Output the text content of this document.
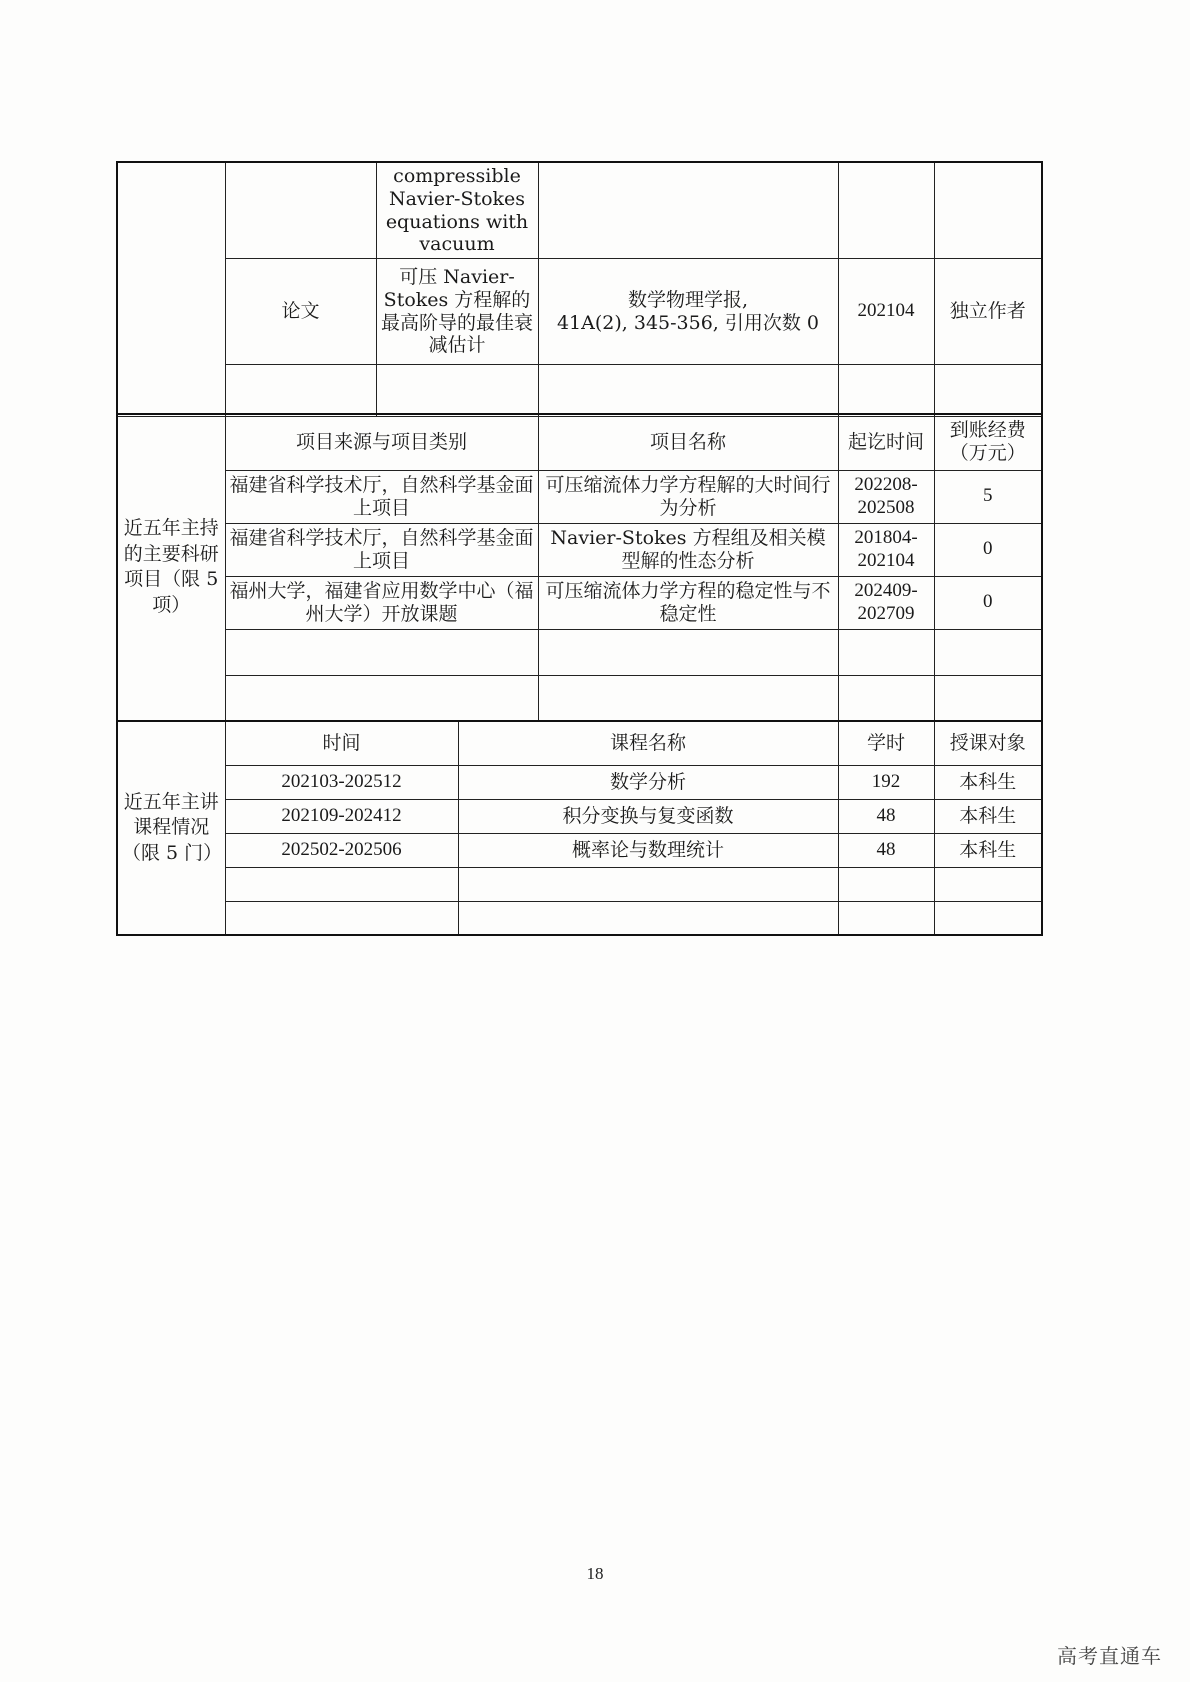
		compressible Navier-Stokes equations with vacuum			
	论文	可压 Navier-Stokes 方程解的最高阶导的最佳衰减估计	数学物理学报,
41A(2), 345-356, 引用次数 0	202104	独立作者

近五年主持的主要科研项目（限 5 项）	项目来源与项目类别	项目名称	起讫时间	到账经费（万元）
	福建省科学技术厅，自然科学基金面上项目	可压缩流体力学方程解的大时间行为分析	202208-
202508	5
	福建省科学技术厅，自然科学基金面上项目	Navier-Stokes 方程组及相关模型解的性态分析	201804-
202104	0
	福州大学，福建省应用数学中心（福州大学）开放课题	可压缩流体力学方程的稳定性与不稳定性	202409-
202709	0

近五年主讲课程情况（限 5 门）	时间	课程名称	学时	授课对象
	202103-202512	数学分析	192	本科生
	202109-202412	积分变换与复变函数	48	本科生
	202502-202506	概率论与数理统计	48	本科生

18
高考直通车
